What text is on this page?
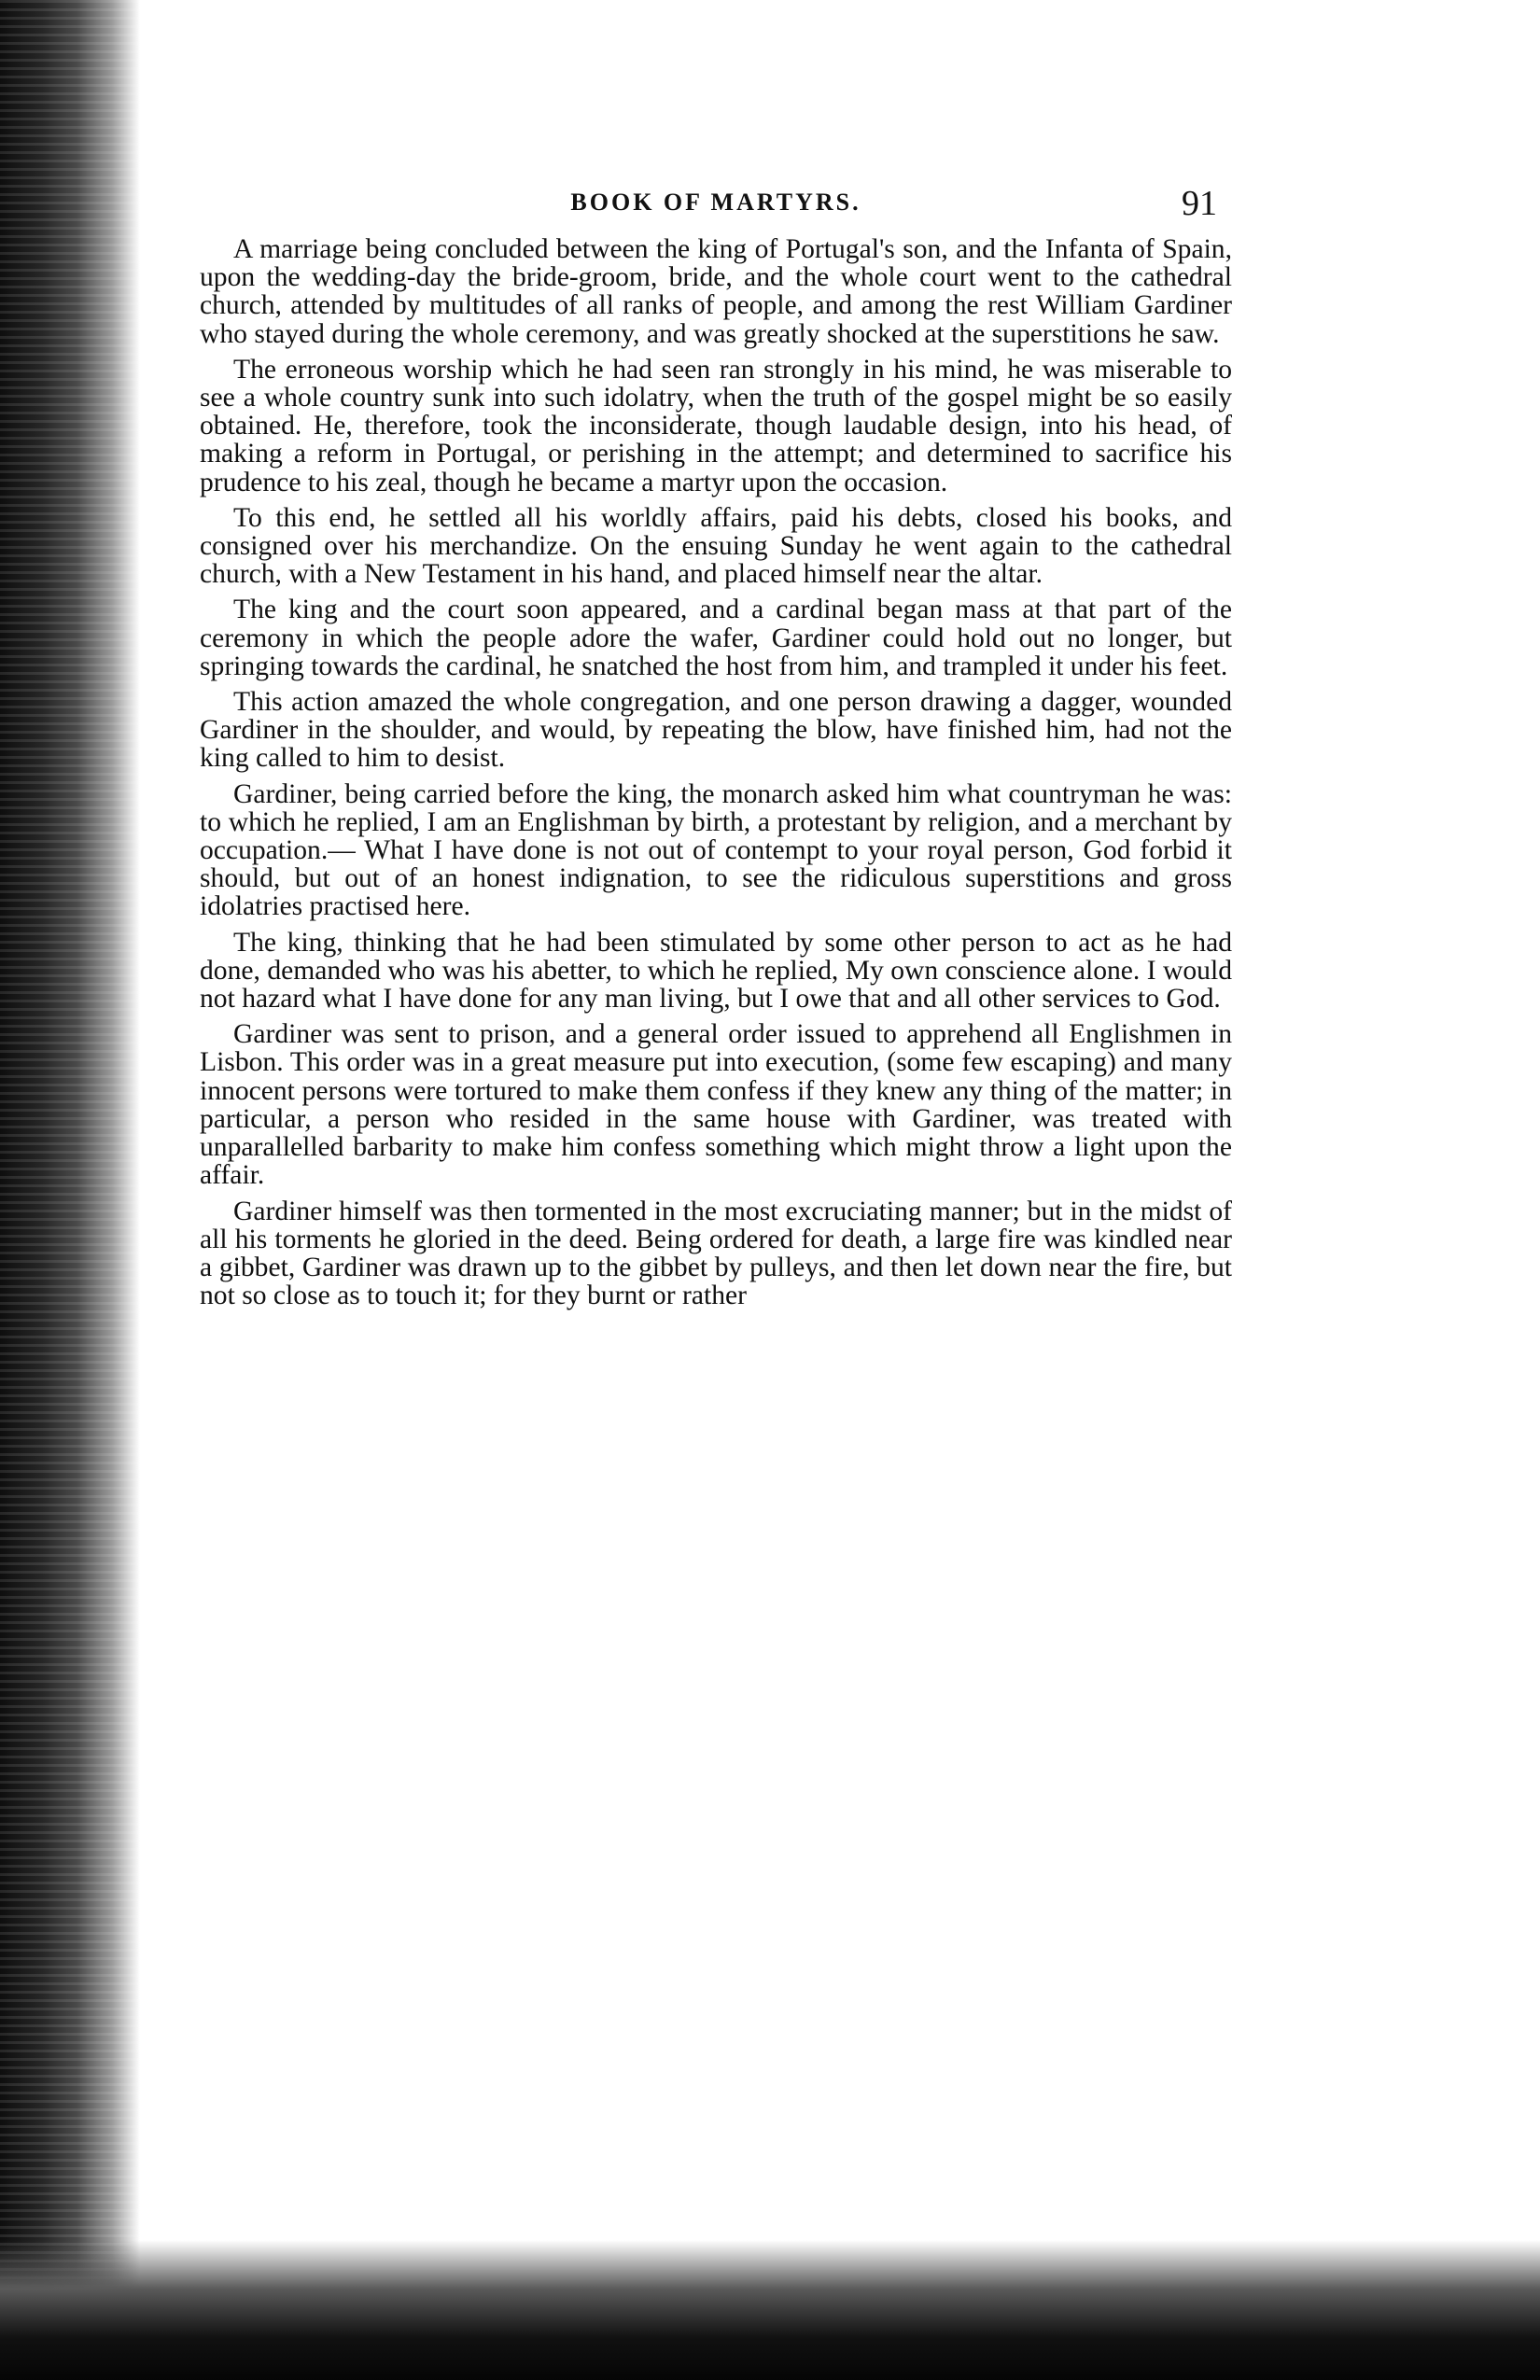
BOOK OF MARTYRS.	91

A marriage being concluded between the king of Portugal's son, and the Infanta of Spain, upon the wedding-day the bride-groom, bride, and the whole court went to the cathedral church, attended by multitudes of all ranks of people, and among the rest William Gardiner who stayed during the whole ceremony, and was greatly shocked at the superstitions he saw.

The erroneous worship which he had seen ran strongly in his mind, he was miserable to see a whole country sunk into such idolatry, when the truth of the gospel might be so easily obtained. He, therefore, took the inconsiderate, though laudable design, into his head, of making a reform in Portugal, or perishing in the attempt; and determined to sacrifice his prudence to his zeal, though he became a martyr upon the occasion.

To this end, he settled all his worldly affairs, paid his debts, closed his books, and consigned over his merchandize. On the ensuing Sunday he went again to the cathedral church, with a New Testament in his hand, and placed himself near the altar.

The king and the court soon appeared, and a cardinal began mass at that part of the ceremony in which the people adore the wafer, Gardiner could hold out no longer, but springing towards the cardinal, he snatched the host from him, and trampled it under his feet.

This action amazed the whole congregation, and one person drawing a dagger, wounded Gardiner in the shoulder, and would, by repeating the blow, have finished him, had not the king called to him to desist.

Gardiner, being carried before the king, the monarch asked him what countryman he was: to which he replied, I am an Englishman by birth, a protestant by religion, and a merchant by occupation.— What I have done is not out of contempt to your royal person, God forbid it should, but out of an honest indignation, to see the ridiculous superstitions and gross idolatries practised here.

The king, thinking that he had been stimulated by some other person to act as he had done, demanded who was his abetter, to which he replied, My own conscience alone. I would not hazard what I have done for any man living, but I owe that and all other services to God.

Gardiner was sent to prison, and a general order issued to apprehend all Englishmen in Lisbon. This order was in a great measure put into execution, (some few escaping) and many innocent persons were tortured to make them confess if they knew any thing of the matter; in particular, a person who resided in the same house with Gardiner, was treated with unparallelled barbarity to make him confess something which might throw a light upon the affair.

Gardiner himself was then tormented in the most excruciating manner; but in the midst of all his torments he gloried in the deed. Being ordered for death, a large fire was kindled near a gibbet, Gardiner was drawn up to the gibbet by pulleys, and then let down near the fire, but not so close as to touch it; for they burnt or rather
